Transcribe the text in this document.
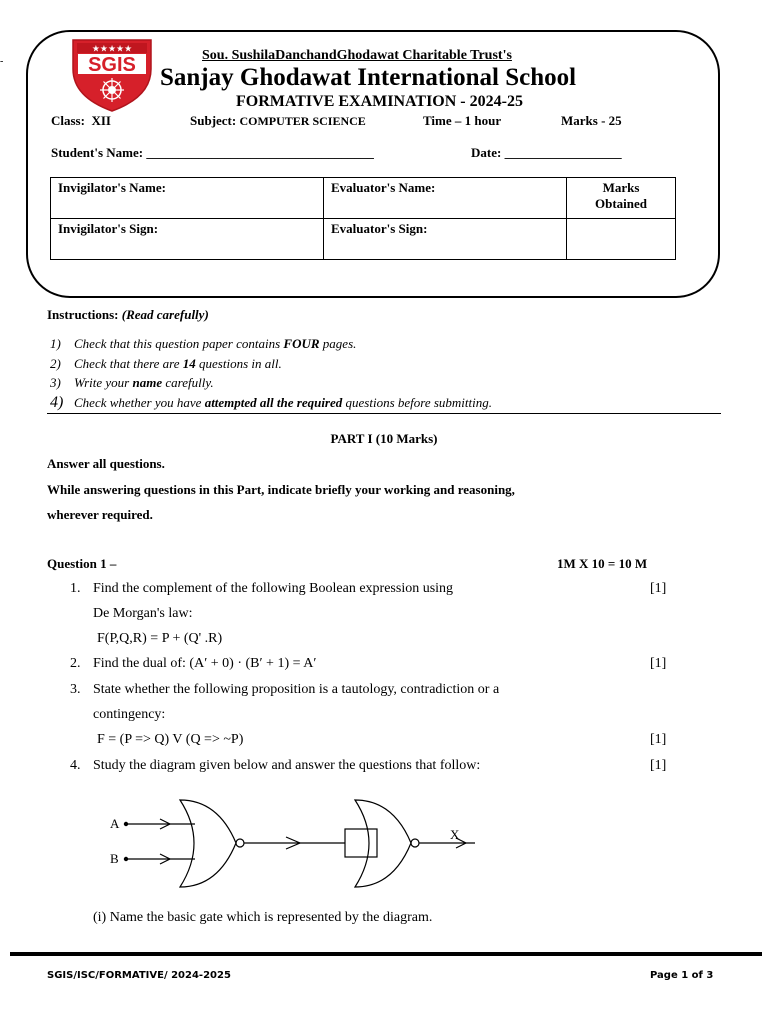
-
★★★★★
SGIS	Sou. SushilaDanchandGhodawat Charitable Trust's
Sanjay Ghodawat International School
FORMATIVE EXAMINATION - 2024-25
Class: XII	Subject: COMPUTER SCIENCE	Time – 1 hour	Marks - 25
Student's Name: ___________________________________	Date: __________________
Invigilator's Name:	Evaluator's Name:	Marks
Obtained
Invigilator's Sign:	Evaluator's Sign:	
Instructions: (Read carefully)
1) Check that this question paper contains FOUR pages.
2) Check that there are 14 questions in all.
3) Write your name carefully.
4) Check whether you have attempted all the required questions before submitting.
PART I (10 Marks)
Answer all questions.
While answering questions in this Part, indicate briefly your working and reasoning,
wherever required.
Question 1 –	1M X 10 = 10 M
1. Find the complement of the following Boolean expression using	[1]
De Morgan's law:
F(P,Q,R) = P + (Q' .R)
2. Find the dual of: (A′ + 0) · (B′ + 1) = A′	[1]
3. State whether the following proposition is a tautology, contradiction or a
contingency:
F = (P => Q) V (Q => ~P)	[1]
4. Study the diagram given below and answer the questions that follow:	[1]
A
B
X
(i) Name the basic gate which is represented by the diagram.
SGIS/ISC/FORMATIVE/ 2024-2025	Page 1 of 3
